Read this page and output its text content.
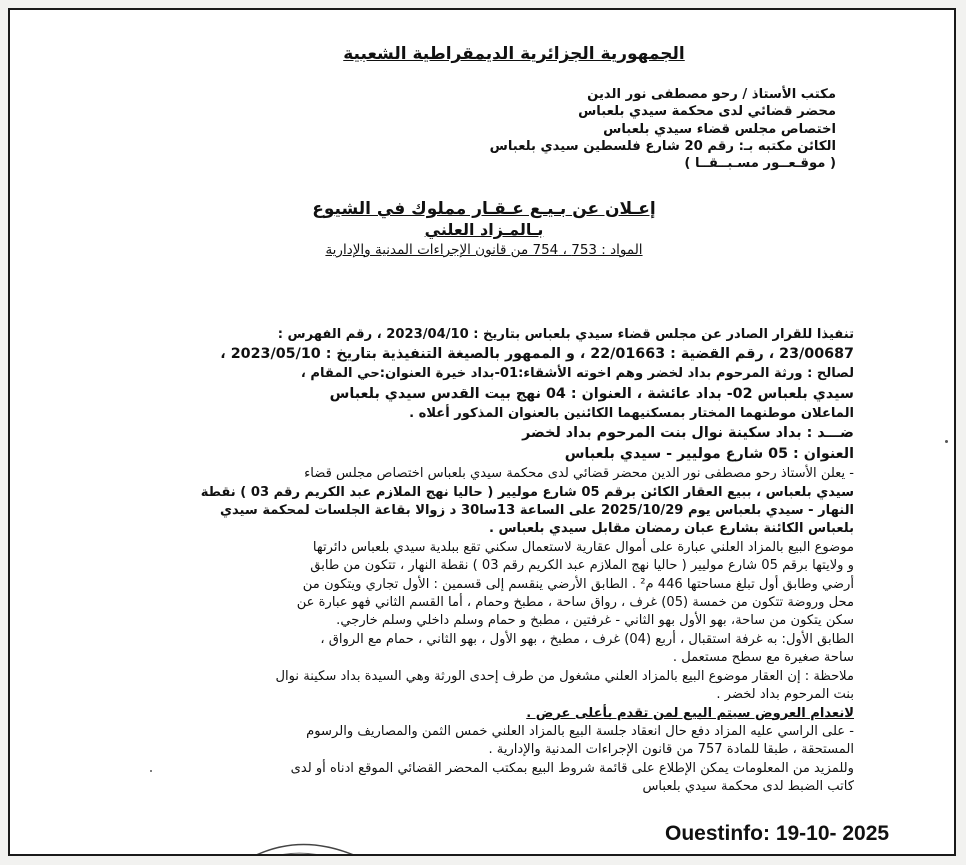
الجمهورية الجزائرية الديمقراطية الشعبية
مكتب الأستاذ / رحو مصطفى نور الدين
محضر قضائي لدى محكمة سيدي بلعباس
اختصاص مجلس قضاء سيدي بلعباس
الكائن مكتبه بـ: رقم 20 شارع فلسطين سيدي بلعباس
( موقـعــور مسـبــقــا )
إعـلان عن بـيـع عـقـار مملوك في الشيوع
بـالمـزاد العلني
المواد : 753 ، 754 من قانون الإجراءات المدنية والإدارية
تنفيذا للقرار الصادر عن مجلس قضاء سيدي بلعباس بتاريخ : 2023/04/10 ، رقم الفهرس :
23/00687 ، رقم القضية : 22/01663 ، و الممهور بالصيغة التنفيذية بتاريخ : 2023/05/10 ،
لصالح : ورثة المرحوم بداد لخضر وهم اخوته الأشقاء:01-بداد خيرة العنوان:حي المقام ،
سيدي بلعباس 02- بداد عائشة ، العنوان : 04 نهج بيت القدس سيدي بلعباس
الماعلان موطنهما المختار بمسكنيهما الكائنين بالعنوان المذكور أعلاه .
ضـــد : بداد سكينة نوال بنت المرحوم بداد لخضر
العنوان : 05 شارع موليير - سيدي بلعباس
- يعلن الأستاذ رحو مصطفى نور الدين محضر قضائي لدى محكمة سيدي بلعباس اختصاص مجلس قضاء
سيدي بلعباس ، ببيع العقار الكائن برقم 05 شارع موليير ( حاليا نهج الملازم عبد الكريم رقم 03 ) نقطة
النهار - سيدي بلعباس يوم 2025/10/29 على الساعة 13سا30 د زوالا بقاعة الجلسات لمحكمة سيدي
بلعباس الكائنة بشارع عبان رمضان مقابل سيدي بلعباس .
موضوع البيع بالمزاد العلني عبارة على أموال عقارية لاستعمال سكني تقع ببلدية سيدي بلعباس دائرتها
و ولايتها برقم 05 شارع موليير ( حاليا نهج الملازم عبد الكريم رقم 03 ) نقطة النهار ، تتكون من طابق
أرضي وطابق أول تبلغ مساحتها 446 م² . الطابق الأرضي ينقسم إلى قسمين : الأول تجاري ويتكون من
محل وروضة تتكون من خمسة (05) غرف ، رواق ساحة ، مطبخ وحمام ، أما القسم الثاني فهو عبارة عن
سكن يتكون من ساحة، بهو الأول بهو الثاني - غرفتين ، مطبخ و حمام وسلم داخلي وسلم خارجي.
الطابق الأول: به غرفة استقبال ، أربع (04) غرف ، مطبخ ، بهو الأول ، بهو الثاني ، حمام مع الرواق ،
ساحة صغيرة مع سطح مستعمل .
ملاحظة : إن العقار موضوع البيع بالمزاد العلني مشغول من طرف إحدى الورثة وهي السيدة بداد سكينة نوال
بنت المرحوم بداد لخضر .
لانعدام العروض سيتم البيع لمن تقدم بأعلى عرض .
- على الراسي عليه المزاد دفع حال انعقاد جلسة البيع بالمزاد العلني خمس الثمن والمصاريف والرسوم
المستحقة ، طبقا للمادة 757 من قانون الإجراءات المدنية والإدارية .
وللمزيد من المعلومات يمكن الإطلاع على قائمة شروط البيع بمكتب المحضر القضائي الموقع ادناه أو لدى
كاتب الضبط لدى محكمة سيدي بلعباس
Ouestinfo: 19-10- 2025
